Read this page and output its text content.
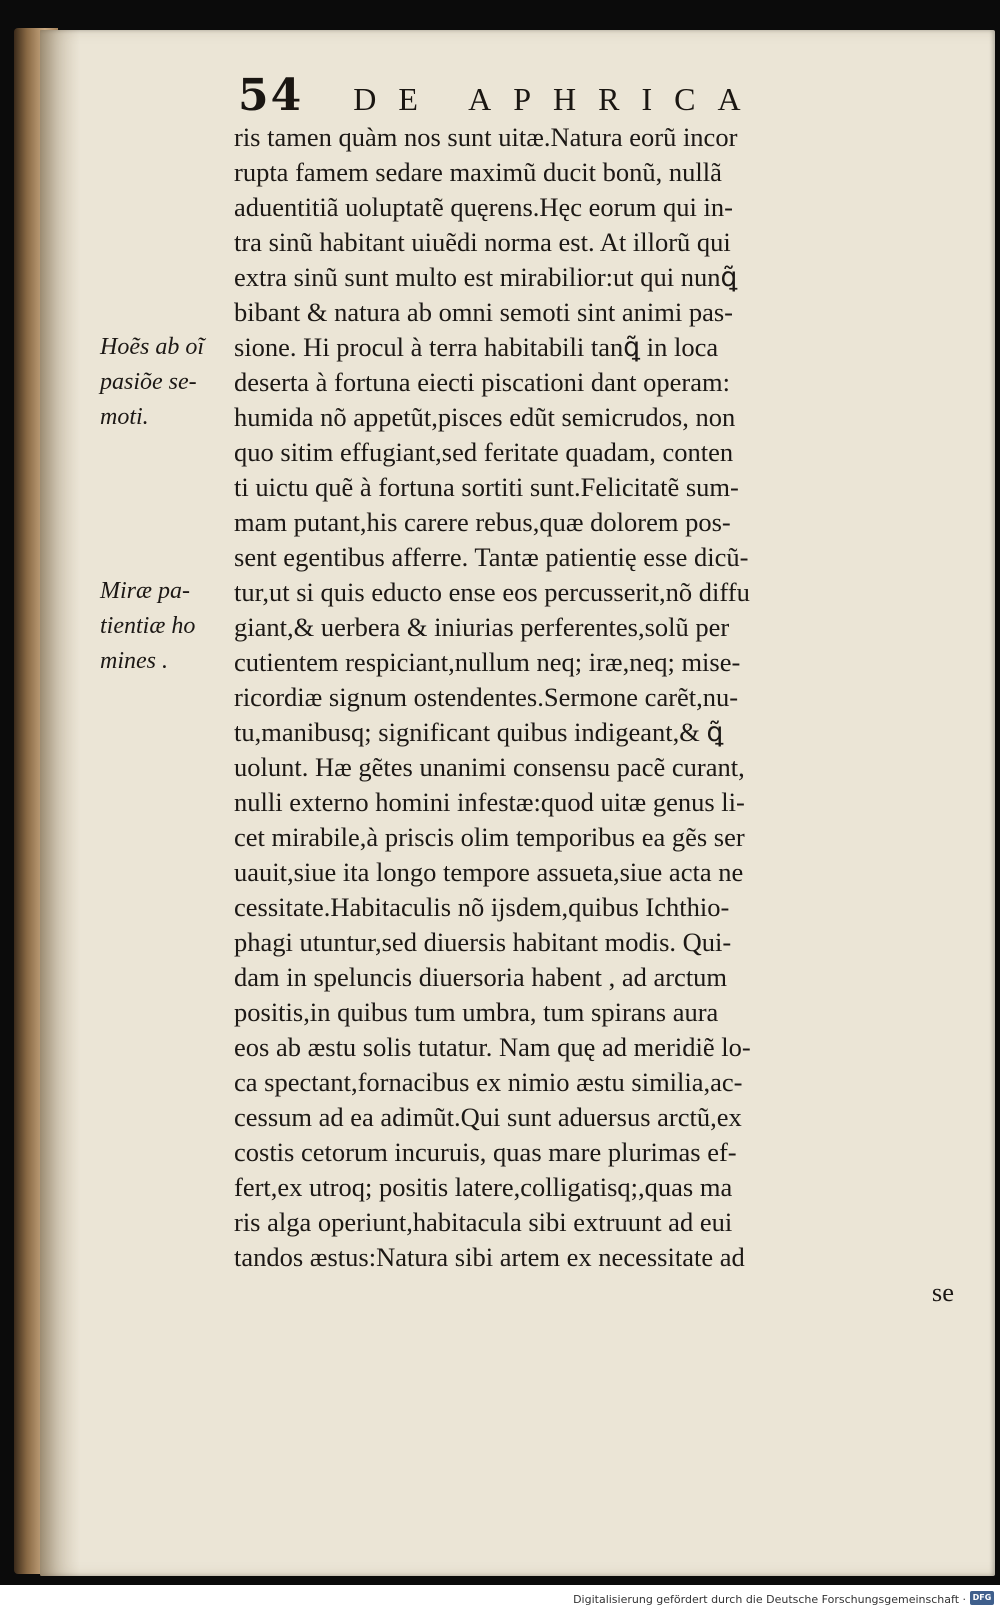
54 DE APHRICA
Hoẽs ab oĩ
pasiõe se-
moti.
Miræ pa-
tientiæ ho
mines .
ris tamen quàm nos sunt uitæ.Natura eorũ incor
rupta famem sedare maximũ ducit bonũ, nullã
aduentitiã uoluptatẽ quęrens.Hęc eorum qui in-
tra sinũ habitant uiuẽdi norma est. At illorũ qui
extra sinũ sunt multo est mirabilior:ut qui nunꝗ̃
bibant & natura ab omni semoti sint animi pas-
sione. Hi procul à terra habitabili tanꝗ̃ in loca
deserta à fortuna eiecti piscationi dant operam:
humida nõ appetũt,pisces edũt semicrudos, non
quo sitim effugiant,sed feritate quadam, conten
ti uictu quẽ à fortuna sortiti sunt.Felicitatẽ sum-
mam putant,his carere rebus,quæ dolorem pos-
sent egentibus afferre. Tantæ patientię esse dicũ-
tur,ut si quis educto ense eos percusserit,nõ diffu
giant,& uerbera & iniurias perferentes,solũ per
cutientem respiciant,nullum neq; iræ,neq; mise-
ricordiæ signum ostendentes.Sermone carẽt,nu-
tu,manibusq; significant quibus indigeant,& ꝗ̃
uolunt. Hæ gẽtes unanimi consensu pacẽ curant,
nulli externo homini infestæ:quod uitæ genus li-
cet mirabile,à priscis olim temporibus ea gẽs ser
uauit,siue ita longo tempore assueta,siue acta ne
cessitate.Habitaculis nõ ijsdem,quibus Ichthio-
phagi utuntur,sed diuersis habitant modis. Qui-
dam in speluncis diuersoria habent , ad arctum
positis,in quibus tum umbra, tum spirans aura
eos ab æstu solis tutatur. Nam quę ad meridiẽ lo-
ca spectant,fornacibus ex nimio æstu similia,ac-
cessum ad ea adimũt.Qui sunt aduersus arctũ,ex
costis cetorum incuruis, quas mare plurimas ef-
fert,ex utroq; positis latere,colligatisq;,quas ma
ris alga operiunt,habitacula sibi extruunt ad eui
tandos æstus:Natura sibi artem ex necessitate ad
se
Digitalisierung gefördert durch die Deutsche Forschungsgemeinschaft · DFG
